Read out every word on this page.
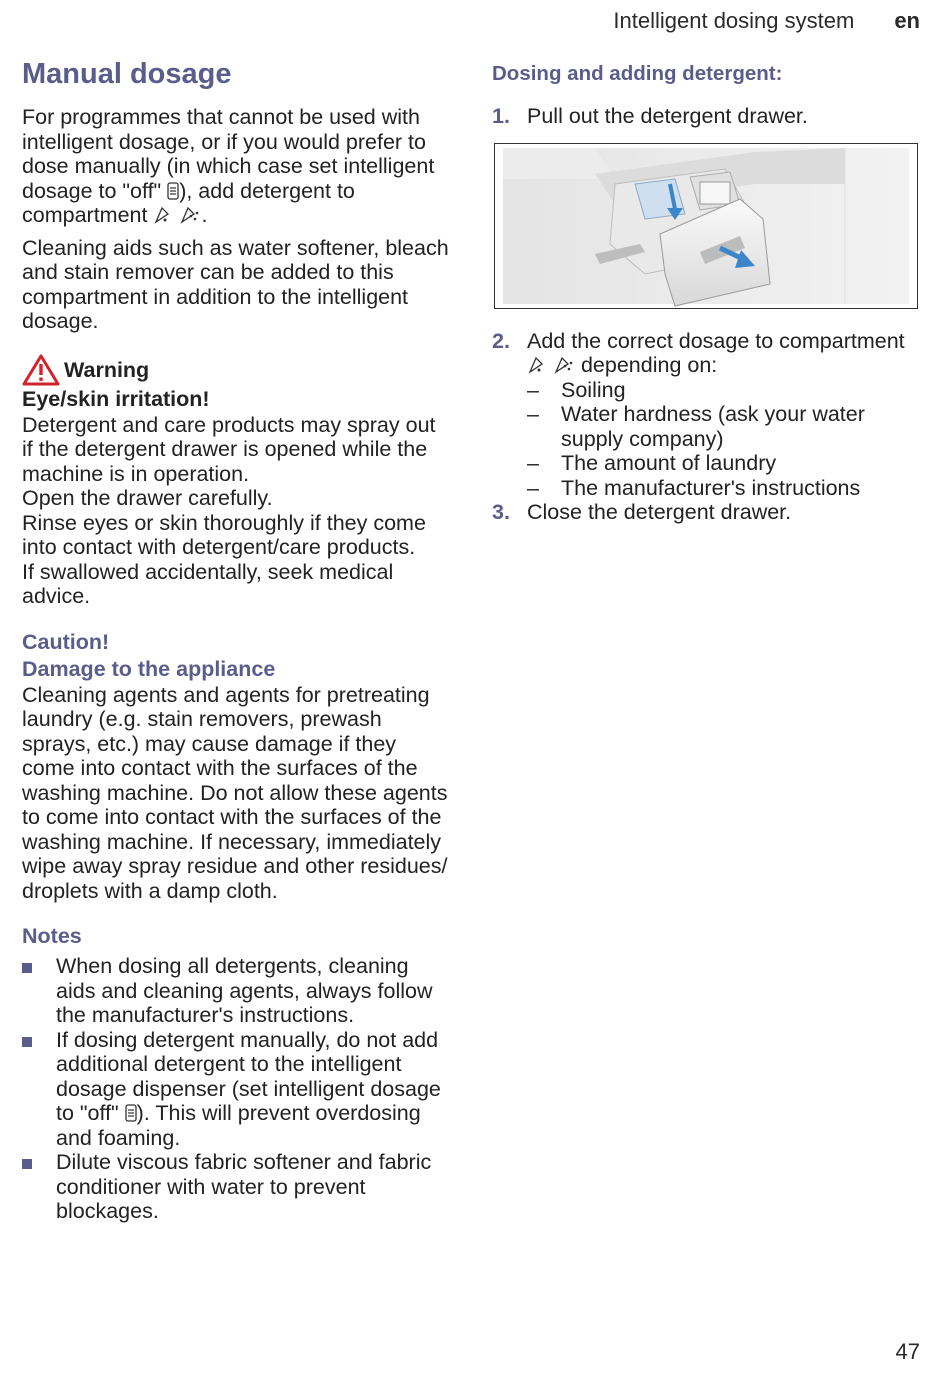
Intelligent dosing system en
Manual dosage

For programmes that cannot be used with intelligent dosage, or if you would prefer to dose manually (in which case set intelligent dosage to "off" ), add detergent to compartment	.

Cleaning aids such as water softener, bleach and stain remover can be added to this compartment in addition to the intelligent dosage.

Warning

Eye/skin irritation!

Detergent and care products may spray out if the detergent drawer is opened while the machine is in operation.

Open the drawer carefully.

Rinse eyes or skin thoroughly if they come into contact with detergent/care products.

If swallowed accidentally, seek medical advice.

Caution!
Damage to the appliance

Cleaning agents and agents for pretreating laundry (e.g. stain removers, prewash sprays, etc.) may cause damage if they come into contact with the surfaces of the washing machine. Do not allow these agents to come into contact with the surfaces of the washing machine. If necessary, immediately wipe away spray residue and other residues/ droplets with a damp cloth.

Notes
When dosing all detergents, cleaning aids and cleaning agents, always follow the manufacturer's instructions.
If dosing detergent manually, do not add additional detergent to the intelligent dosage dispenser (set intelligent dosage to "off" ). This will prevent overdosing and foaming.
Dilute viscous fabric softener and fabric conditioner with water to prevent blockages.
Dosing and adding detergent:
1. Pull out the detergent drawer.
2. Add the correct dosage to compartment   depending on:
– Soiling
– Water hardness (ask your water supply company)
– The amount of laundry
– The manufacturer's instructions
3. Close the detergent drawer.
47
